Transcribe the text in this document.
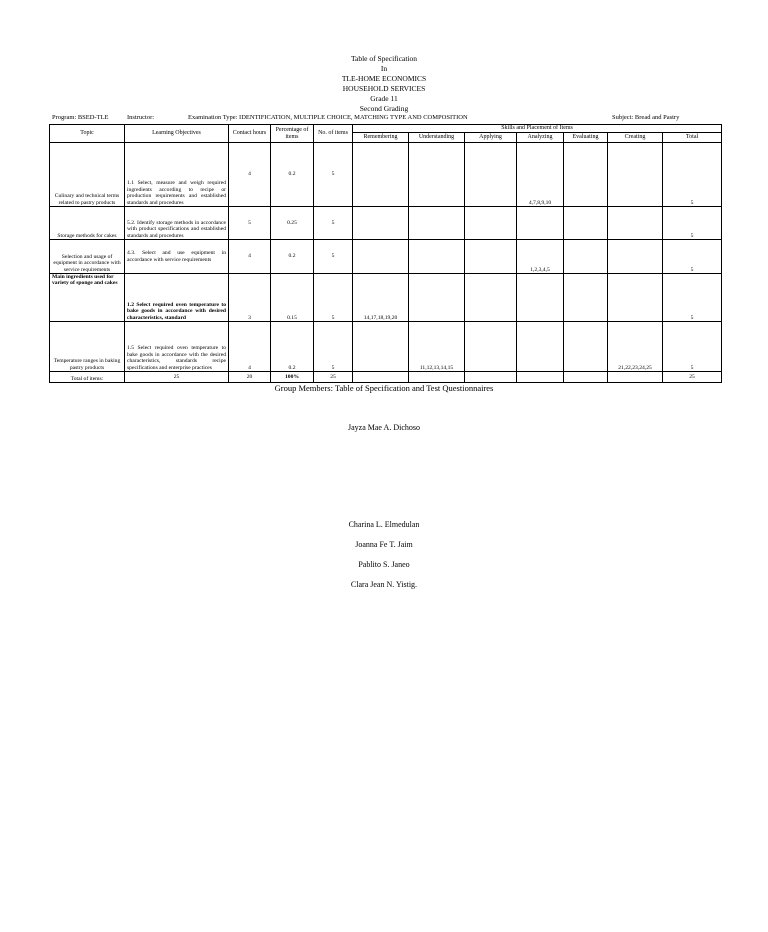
Table of Specification
In
TLE-HOME ECONOMICS
HOUSEHOLD SERVICES
Grade 11
Second Grading
Program: BSED-TLE	Instructor:	Examination Type: IDENTIFICATION, MULTIPLE CHOICE, MATCHING TYPE AND COMPOSITION	Subject: Bread and Pastry
Topic	Learning Objectives	Contact hours	Percentage of items	No. of items	Skills and Placement of Items						
					Remembering	Understanding	Applying	Analyzing	Evaluating	Creating	Total
Culinary and technical terms related to pastry products	1.1 Select, measure and weigh required ingredients according to recipe or production requirements and established standards and procedures	4	0.2	5				4,7,8,9,10			5
Storage methods for cakes	5.2. Identify storage methods in accordance with product specifications and established standards and procedures	5	0.25	5							5
Selection and usage of equipment in accordance with service requirements	4.3. Select and use equipment in accordance with service requirements	4	0.2	5				1,2,3,4,5			5
Main ingredients used for variety of sponge and cakes	1.2 Select required oven temperature to bake goods in accordance with desired characteristics, standard	3	0.15	5	14,17,18,19,20						5
Temperature ranges in baking pastry products	1.5 Select required oven temperature to bake goods in accordance with the desired characteristics, standards recipe specifications and enterprise practices	4	0.2	5		11,12,13,14,15				21,22,23,24,25	5
Total of items:	25	20	100%	25							25
Group Members: Table of Specification and Test Questionnaires
Jayza Mae A. Dichoso
Charina L. Elmedulan
Joanna Fe T. Jaim
Pablito S. Janeo
Clara Jean N. Yistig.
